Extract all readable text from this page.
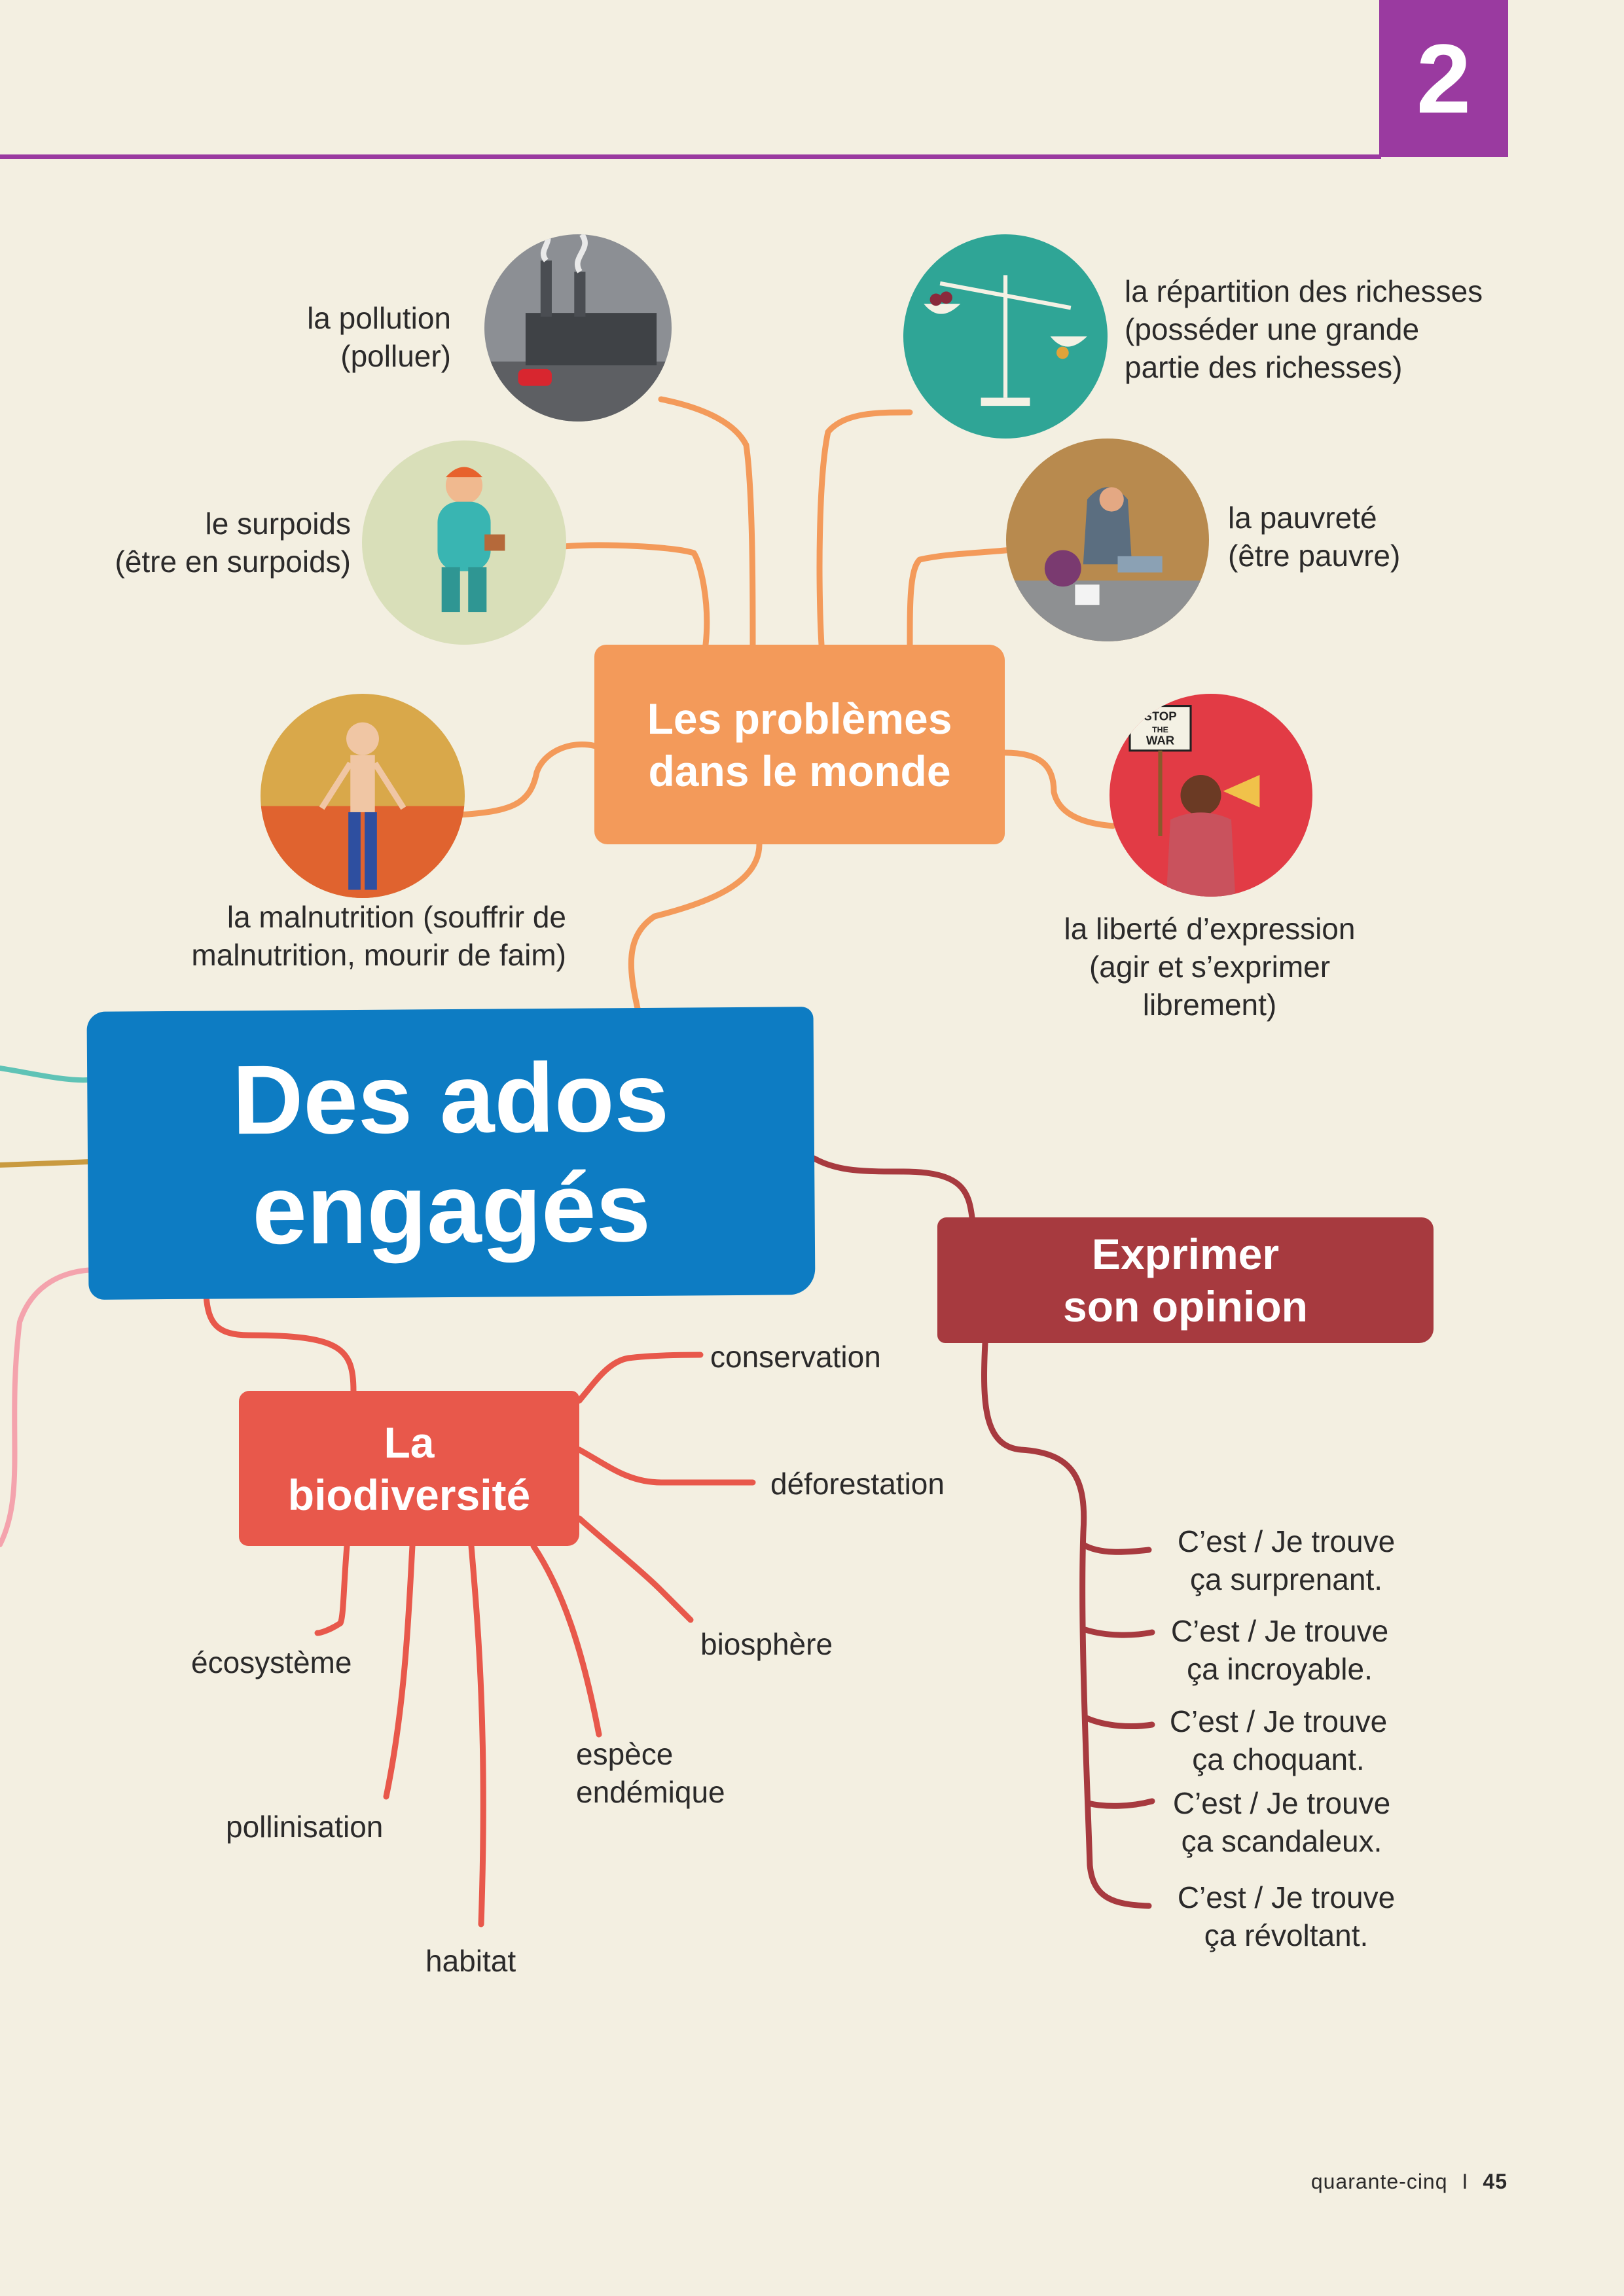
2
Des ados
engagés
Les problèmes
dans le monde
Exprimer
son opinion
La
biodiversité
STOP
THE
WAR
la pollution
(polluer)
la répartition des richesses
(posséder une grande
partie des richesses)
le surpoids
(être en surpoids)
la pauvreté
(être pauvre)
la malnutrition (souffrir de
malnutrition, mourir de faim)
la liberté d’expression
(agir et s’exprimer
librement)
C’est / Je trouve
ça surprenant.
C’est / Je trouve
ça incroyable.
C’est / Je trouve
ça choquant.
C’est / Je trouve
ça scandaleux.
C’est / Je trouve
ça révoltant.
conservation
déforestation
biosphère
espèce
endémique
écosystème
pollinisation
habitat
quarante-cinq I 45
